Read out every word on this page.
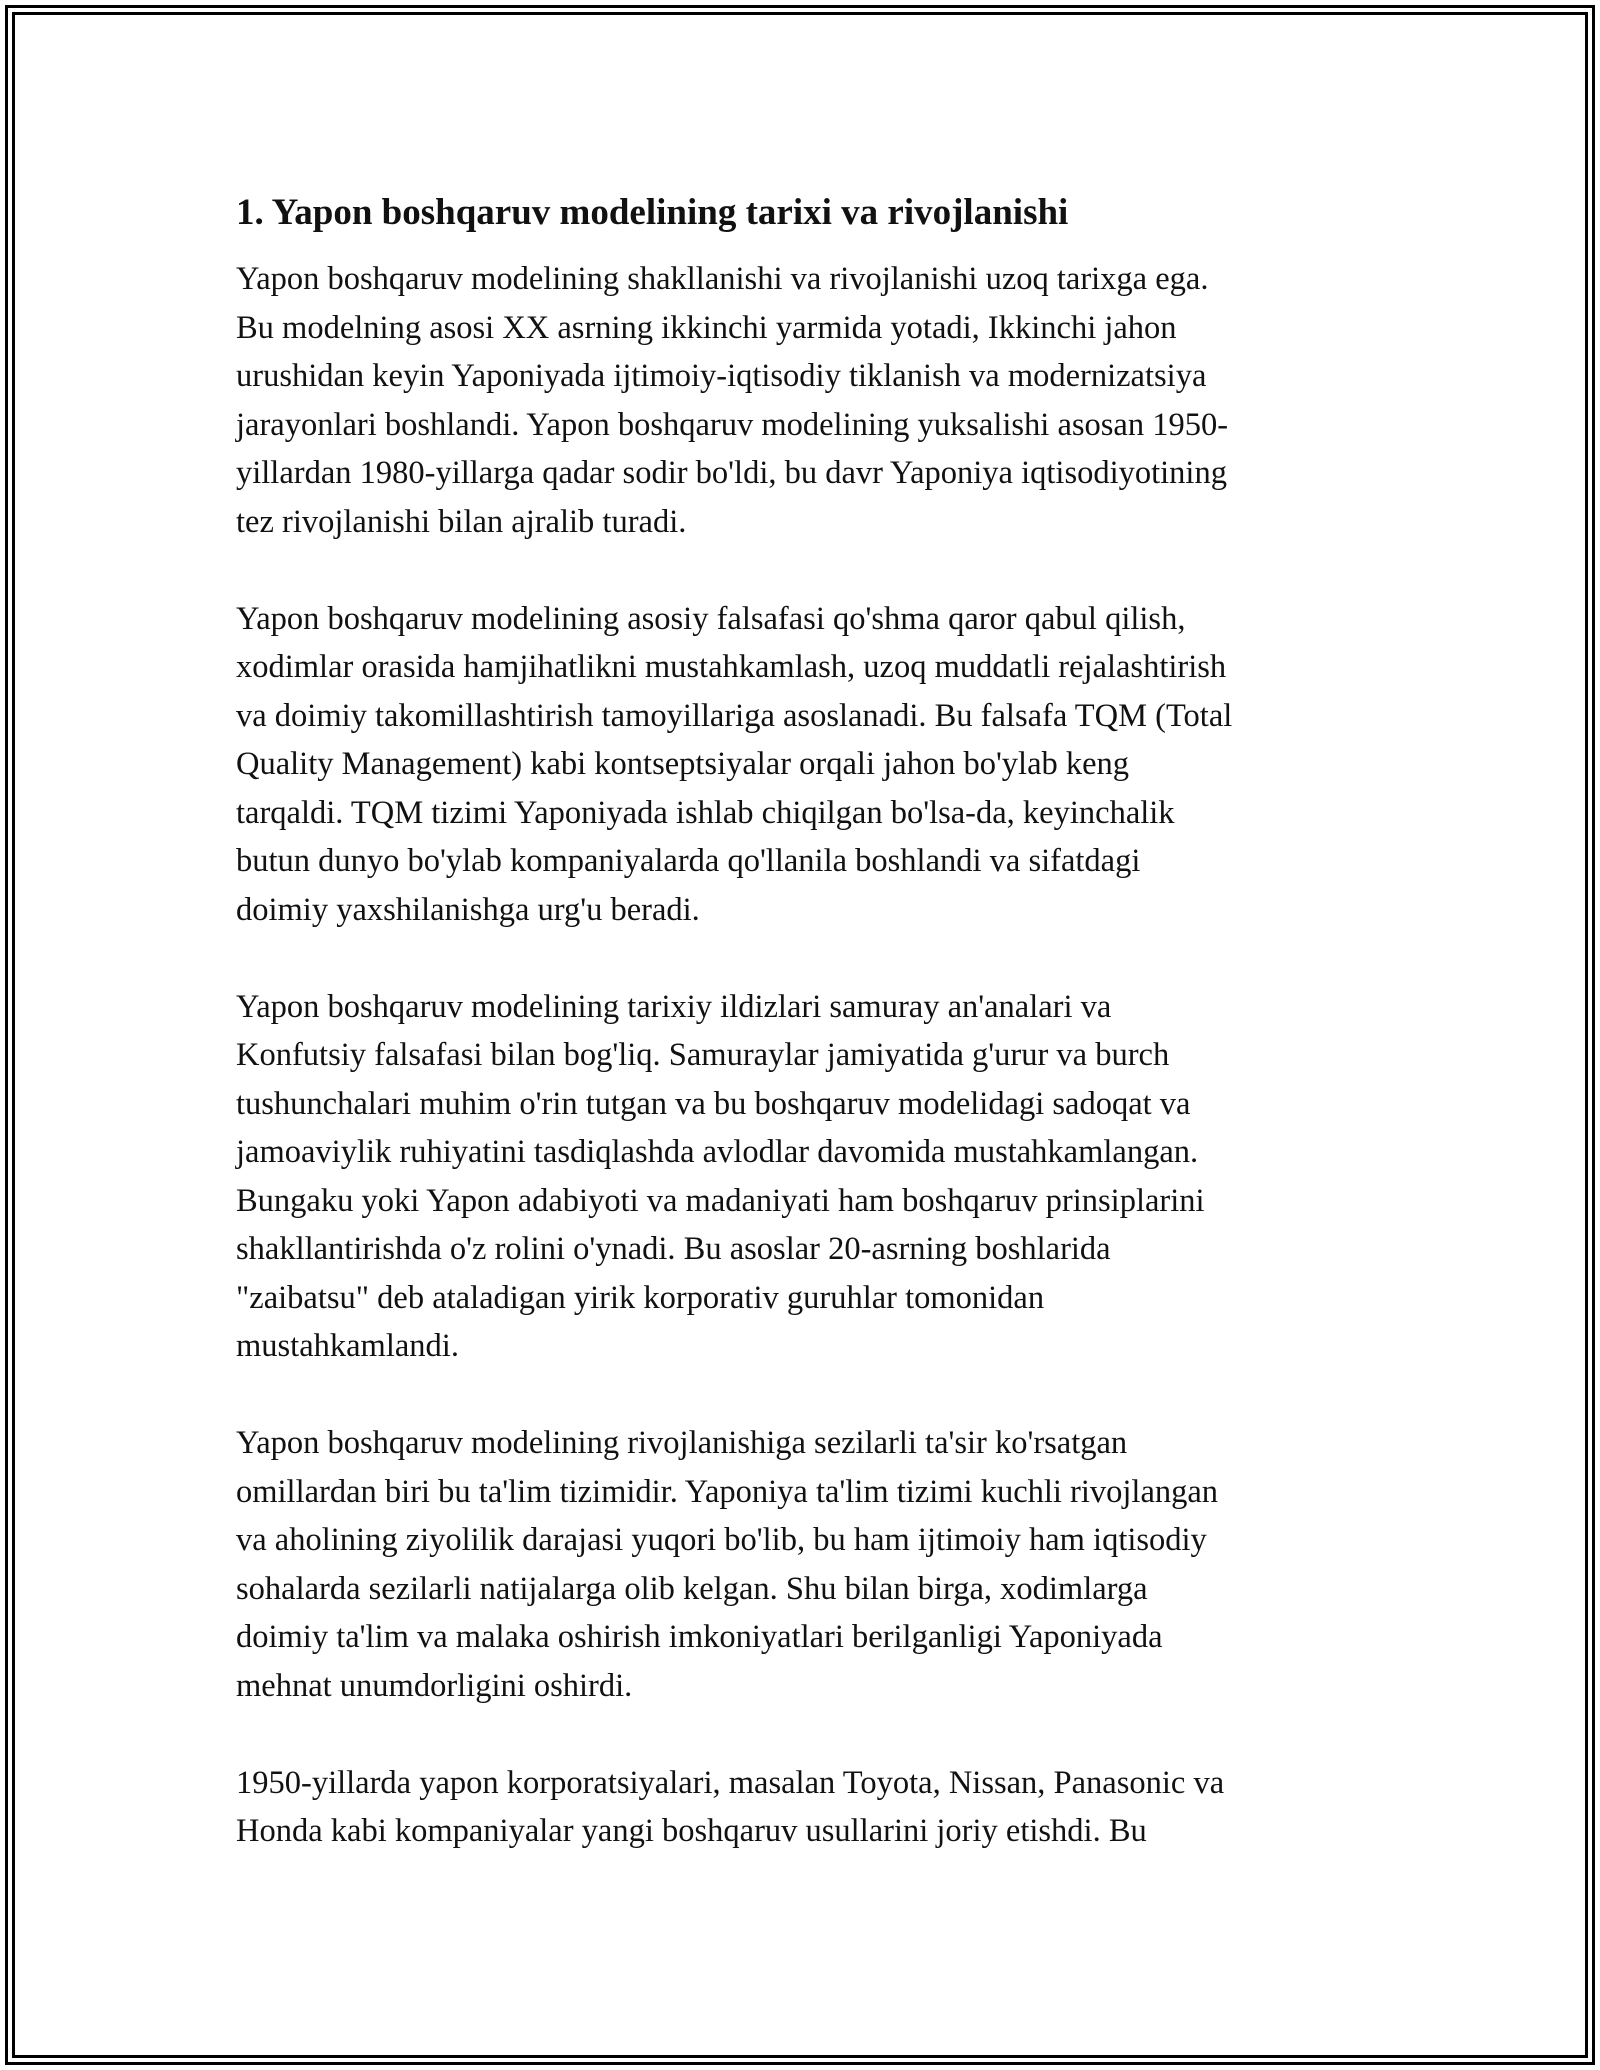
1. Yapon boshqaruv modelining tarixi va rivojlanishi

Yapon boshqaruv modelining shakllanishi va rivojlanishi uzoq tarixga ega.
Bu modelning asosi XX asrning ikkinchi yarmida yotadi, Ikkinchi jahon
urushidan keyin Yaponiyada ijtimoiy-iqtisodiy tiklanish va modernizatsiya
jarayonlari boshlandi. Yapon boshqaruv modelining yuksalishi asosan 1950-
yillardan 1980-yillarga qadar sodir bo'ldi, bu davr Yaponiya iqtisodiyotining
tez rivojlanishi bilan ajralib turadi.

Yapon boshqaruv modelining asosiy falsafasi qo'shma qaror qabul qilish,
xodimlar orasida hamjihatlikni mustahkamlash, uzoq muddatli rejalashtirish
va doimiy takomillashtirish tamoyillariga asoslanadi. Bu falsafa TQM (Total
Quality Management) kabi kontseptsiyalar orqali jahon bo'ylab keng
tarqaldi. TQM tizimi Yaponiyada ishlab chiqilgan bo'lsa-da, keyinchalik
butun dunyo bo'ylab kompaniyalarda qo'llanila boshlandi va sifatdagi
doimiy yaxshilanishga urg'u beradi.

Yapon boshqaruv modelining tarixiy ildizlari samuray an'analari va
Konfutsiy falsafasi bilan bog'liq. Samuraylar jamiyatida g'urur va burch
tushunchalari muhim o'rin tutgan va bu boshqaruv modelidagi sadoqat va
jamoaviylik ruhiyatini tasdiqlashda avlodlar davomida mustahkamlangan.
Bungaku yoki Yapon adabiyoti va madaniyati ham boshqaruv prinsiplarini
shakllantirishda o'z rolini o'ynadi. Bu asoslar 20-asrning boshlarida
"zaibatsu" deb ataladigan yirik korporativ guruhlar tomonidan
mustahkamlandi.

Yapon boshqaruv modelining rivojlanishiga sezilarli ta'sir ko'rsatgan
omillardan biri bu ta'lim tizimidir. Yaponiya ta'lim tizimi kuchli rivojlangan
va aholining ziyolilik darajasi yuqori bo'lib, bu ham ijtimoiy ham iqtisodiy
sohalarda sezilarli natijalarga olib kelgan. Shu bilan birga, xodimlarga
doimiy ta'lim va malaka oshirish imkoniyatlari berilganligi Yaponiyada
mehnat unumdorligini oshirdi.

1950-yillarda yapon korporatsiyalari, masalan Toyota, Nissan, Panasonic va
Honda kabi kompaniyalar yangi boshqaruv usullarini joriy etishdi. Bu
